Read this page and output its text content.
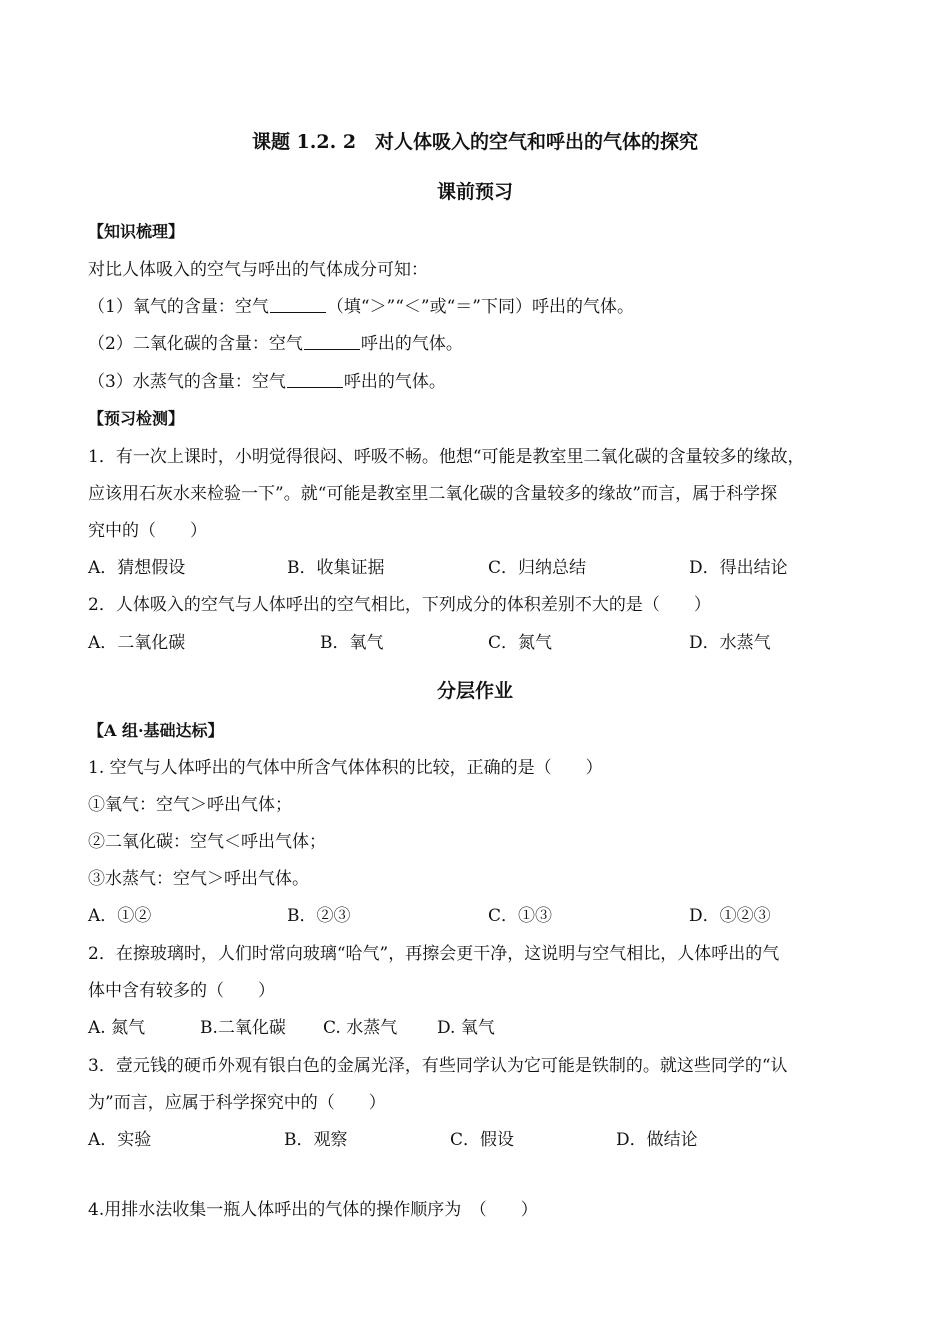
课题 1.2. 2　对人体吸入的空气和呼出的气体的探究
课前预习
【知识梳理】
对比人体吸入的空气与呼出的气体成分可知：
（1）氧气的含量：空气	（填“＞”“＜”或“＝”下同）呼出的气体。
（2）二氧化碳的含量：空气	呼出的气体。
（3）水蒸气的含量：空气	呼出的气体。
【预习检测】
1．有一次上课时，小明觉得很闷、呼吸不畅。他想“可能是教室里二氧化碳的含量较多的缘故，
应该用石灰水来检验一下”。就“可能是教室里二氧化碳的含量较多的缘故”而言，属于科学探
究中的（　　）
A．猜想假设	B．收集证据	C．归纳总结	D．得出结论
2．人体吸入的空气与人体呼出的空气相比，下列成分的体积差别不大的是（　　）
A．二氧化碳	B．氧气	C．氮气	D．水蒸气
分层作业
【A 组·基础达标】
1. 空气与人体呼出的气体中所含气体体积的比较，正确的是（　　）
①氧气：空气＞呼出气体；
②二氧化碳：空气＜呼出气体；
③水蒸气：空气＞呼出气体。
A．①②	B．②③	C．①③	D．①②③
2．在擦玻璃时，人们时常向玻璃“哈气”，再擦会更干净，这说明与空气相比，人体呼出的气
体中含有较多的（　　）
A. 氮气	B.二氧化碳 C. 水蒸气 D. 氧气
3．壹元钱的硬币外观有银白色的金属光泽，有些同学认为它可能是铁制的。就这些同学的“认
为”而言，应属于科学探究中的（　　）
A．实验	B．观察	C．假设	D．做结论
4.用排水法收集一瓶人体呼出的气体的操作顺序为　（　　）
